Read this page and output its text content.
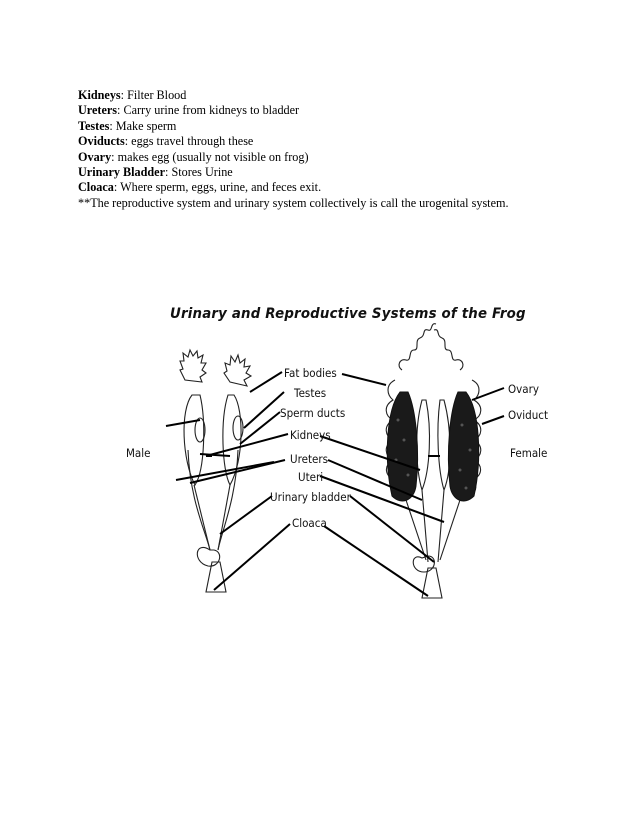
Kidneys: Filter Blood
Ureters: Carry urine from kidneys to bladder
Testes: Make sperm
Oviducts: eggs travel through these
Ovary: makes egg (usually not visible on frog)
Urinary Bladder: Stores Urine
Cloaca: Where sperm, eggs, urine, and feces exit.
**The reproductive system and urinary system collectively is call the urogenital system.
Urinary and Reproductive Systems of the Frog
Male	Female
Fat bodies
Testes
Sperm ducts
Kidneys
Ureters
Uteri
Urinary bladder
Cloaca
Ovary
Oviduct
